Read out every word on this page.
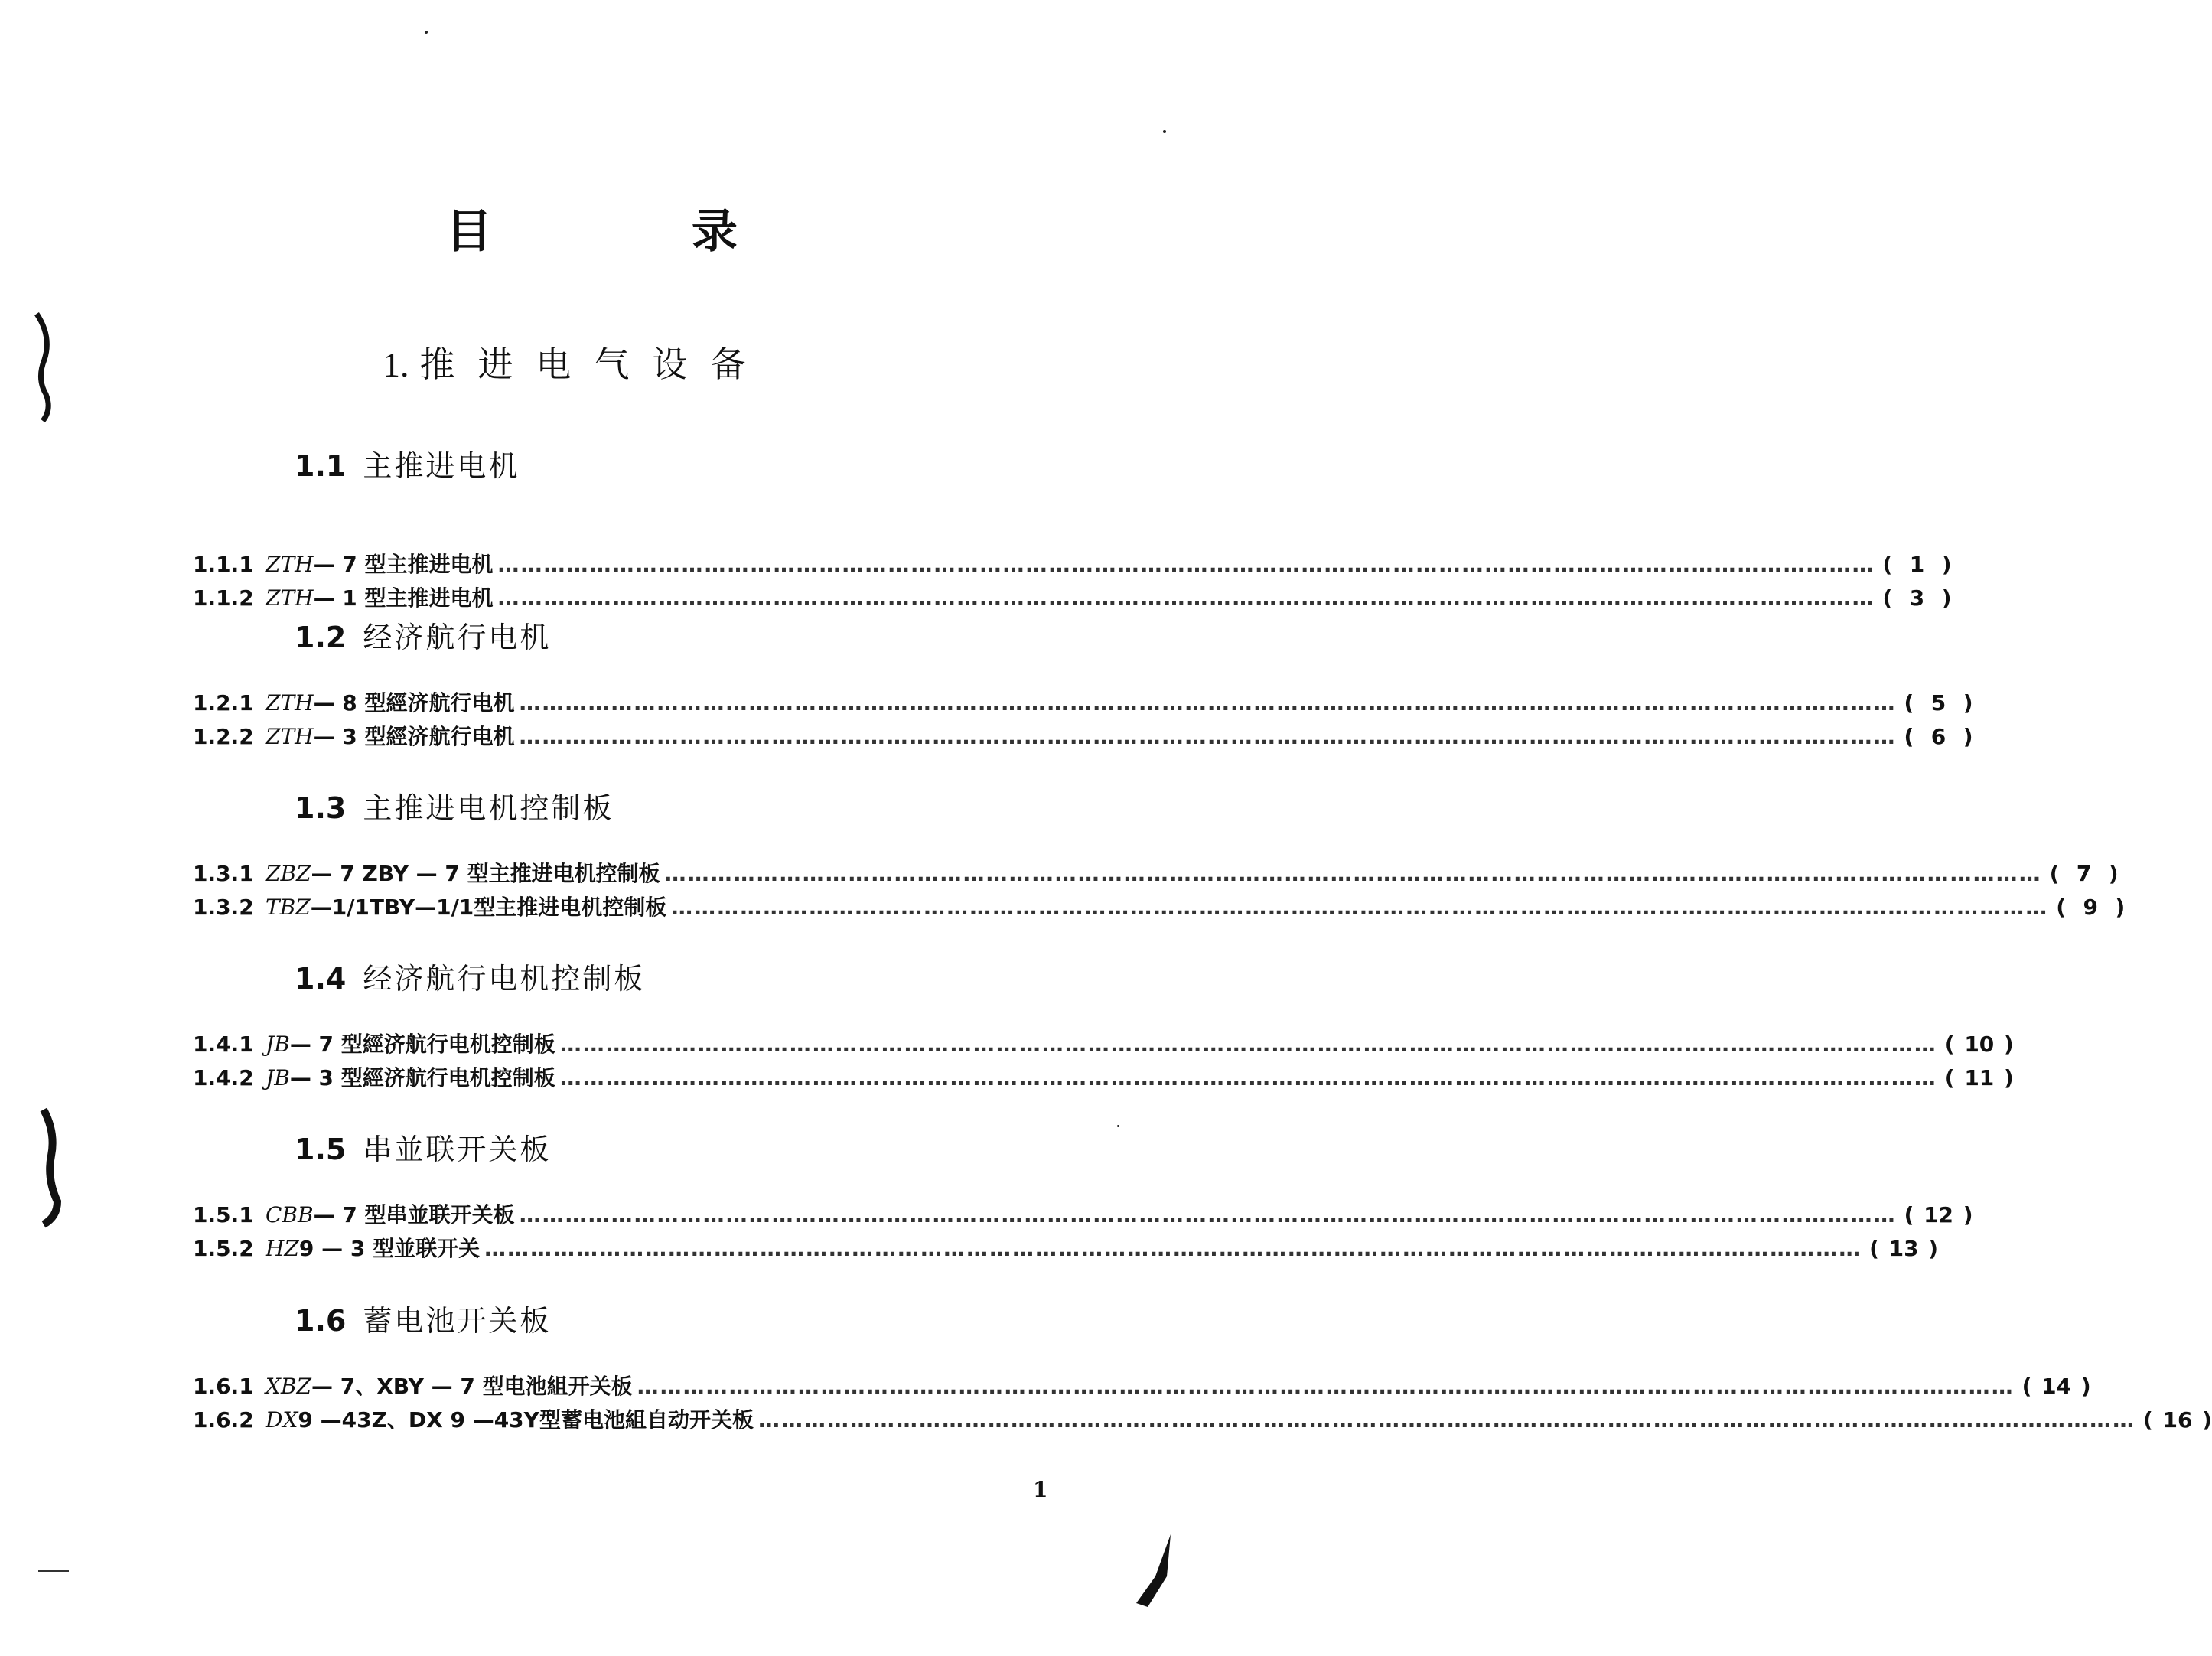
目 录
1. 推进电气设备
1.1 主推进电机
1.1.1 ZTH— 7 型主推进电机 ……………………………………………………………………………………………………………………………………………………………… ( 1 )
1.1.2 ZTH— 1 型主推进电机 ……………………………………………………………………………………………………………………………………………………………… ( 3 )
1.2 经济航行电机
1.2.1 ZTH— 8 型經济航行电机 ……………………………………………………………………………………………………………………………………………………………… ( 5 )
1.2.2 ZTH— 3 型經济航行电机 ……………………………………………………………………………………………………………………………………………………………… ( 6 )
1.3 主推进电机控制板
1.3.1 ZBZ— 7 ZBY — 7 型主推进电机控制板 ……………………………………………………………………………………………………………………………………………………………… ( 7 )
1.3.2 TBZ—1/1TBY—1/1型主推进电机控制板 ……………………………………………………………………………………………………………………………………………………………… ( 9 )
1.4 经济航行电机控制板
1.4.1 JB— 7 型經济航行电机控制板 ……………………………………………………………………………………………………………………………………………………………… ( 10 )
1.4.2 JB— 3 型經济航行电机控制板 ……………………………………………………………………………………………………………………………………………………………… ( 11 )
1.5 串並联开关板
1.5.1 CBB— 7 型串並联开关板 ……………………………………………………………………………………………………………………………………………………………… ( 12 )
1.5.2 HZ9 — 3 型並联开关 ……………………………………………………………………………………………………………………………………………………………… ( 13 )
1.6 蓄电池开关板
1.6.1 XBZ— 7、XBY — 7 型电池組开关板 ……………………………………………………………………………………………………………………………………………………………… ( 14 )
1.6.2 DX9 —43Z、DX 9 —43Y型蓄电池組自动开关板 ……………………………………………………………………………………………………………………………………………………………… ( 16 )
1
